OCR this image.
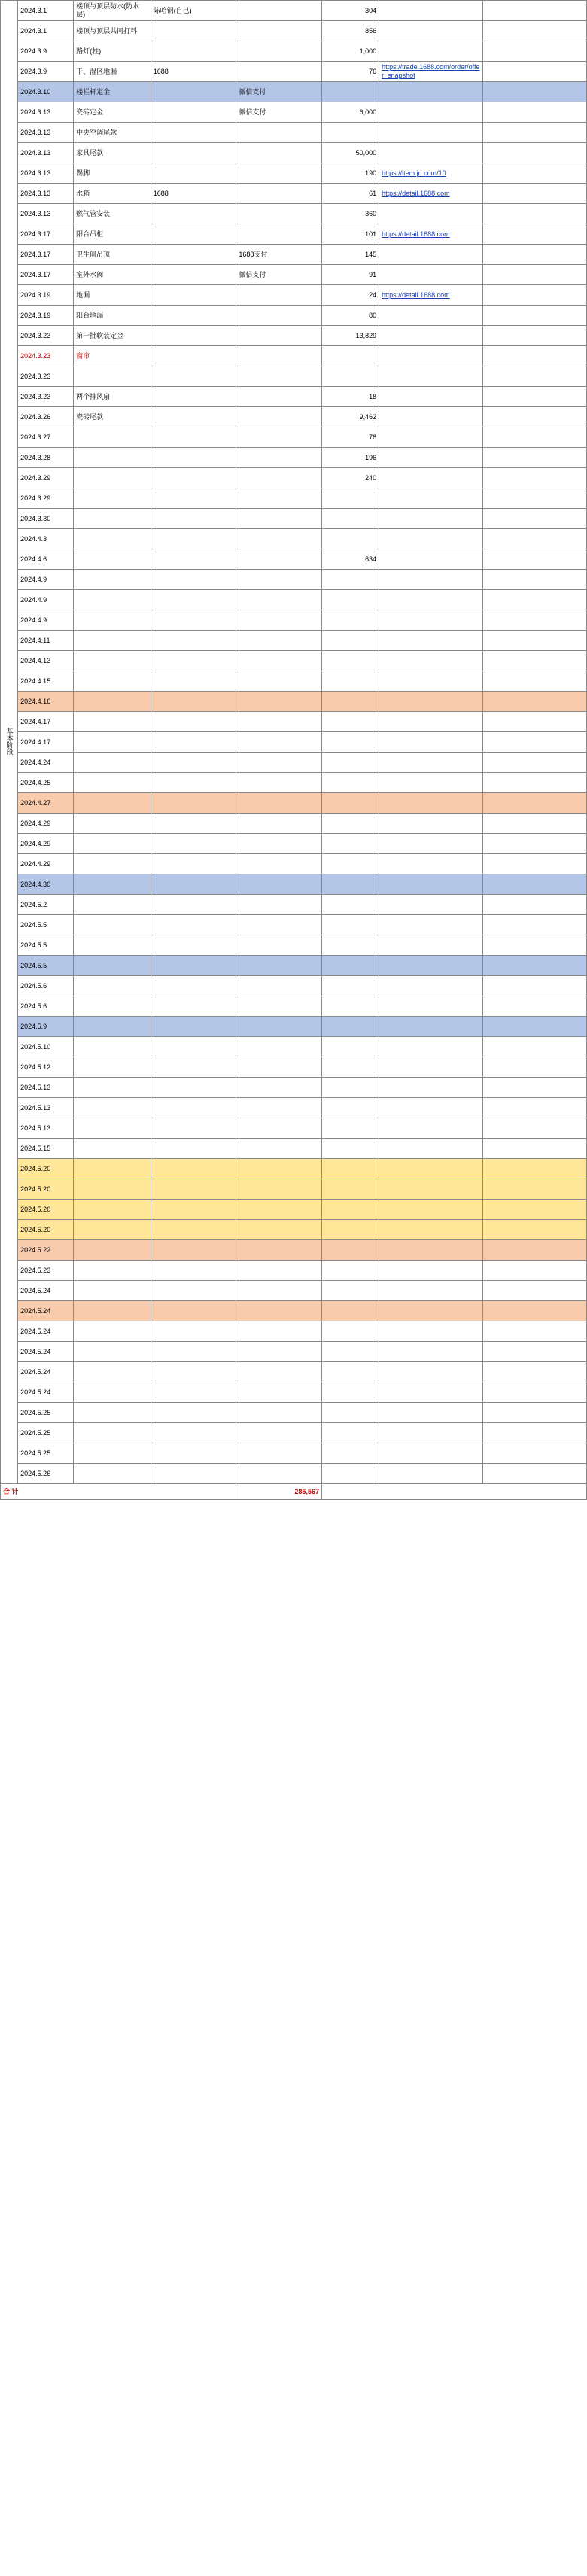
基本阶段	2024.3.1	楼顶与顶层防水(防水层)	陈哈钢(自己)		304		
	2024.3.1	楼顶与顶层共同打料			856		
	2024.3.9	路灯(柱)			1,000		
	2024.3.9	干、湿区地漏	1688		76	https://trade.1688.com/order/offer_snapshot	
	2024.3.10	楼栏杆定金		微信支付			
	2024.3.13	瓷砖定金		微信支付	6,000		
	2024.3.13	中央空调尾款					
	2024.3.13	家具尾款			50,000		
	2024.3.13	踢脚			190	https://item.jd.com/10	
	2024.3.13	水箱	1688		61	https://detail.1688.com	
	2024.3.13	燃气管安装			360		
	2024.3.17	阳台吊柜			101	https://detail.1688.com	
	2024.3.17	卫生间吊顶		1688支付	145		
	2024.3.17	室外水阀		微信支付	91		
	2024.3.19	地漏			24	https://detail.1688.com	
	2024.3.19	阳台地漏			80		
	2024.3.23	第一批软装定金			13,829		
	2024.3.23	窗帘					
	2024.3.23						
	2024.3.23	两个排风扇			18		
	2024.3.26	瓷砖尾款			9,462		
	2024.3.27				78		
	2024.3.28				196		
	2024.3.29				240		
	2024.3.29						
	2024.3.30						
	2024.4.3						
	2024.4.6				634		
	2024.4.9						
	2024.4.9						
	2024.4.9						
	2024.4.11						
	2024.4.13						
	2024.4.15						
	2024.4.16						
	2024.4.17						
	2024.4.17						
	2024.4.24						
	2024.4.25						
	2024.4.27						
	2024.4.29						
	2024.4.29						
	2024.4.29						
	2024.4.30						
	2024.5.2						
	2024.5.5						
	2024.5.5						
	2024.5.5						
	2024.5.6						
	2024.5.6						
	2024.5.9						
	2024.5.10						
	2024.5.12						
	2024.5.13						
	2024.5.13						
	2024.5.13						
	2024.5.15						
	2024.5.20						
	2024.5.20						
	2024.5.20						
	2024.5.20						
	2024.5.22						
	2024.5.23						
	2024.5.24						
	2024.5.24						
	2024.5.24						
	2024.5.24						
	2024.5.24						
	2024.5.24						
	2024.5.25						
	2024.5.25						
	2024.5.25						
	2024.5.26						
合 计				285,567			
